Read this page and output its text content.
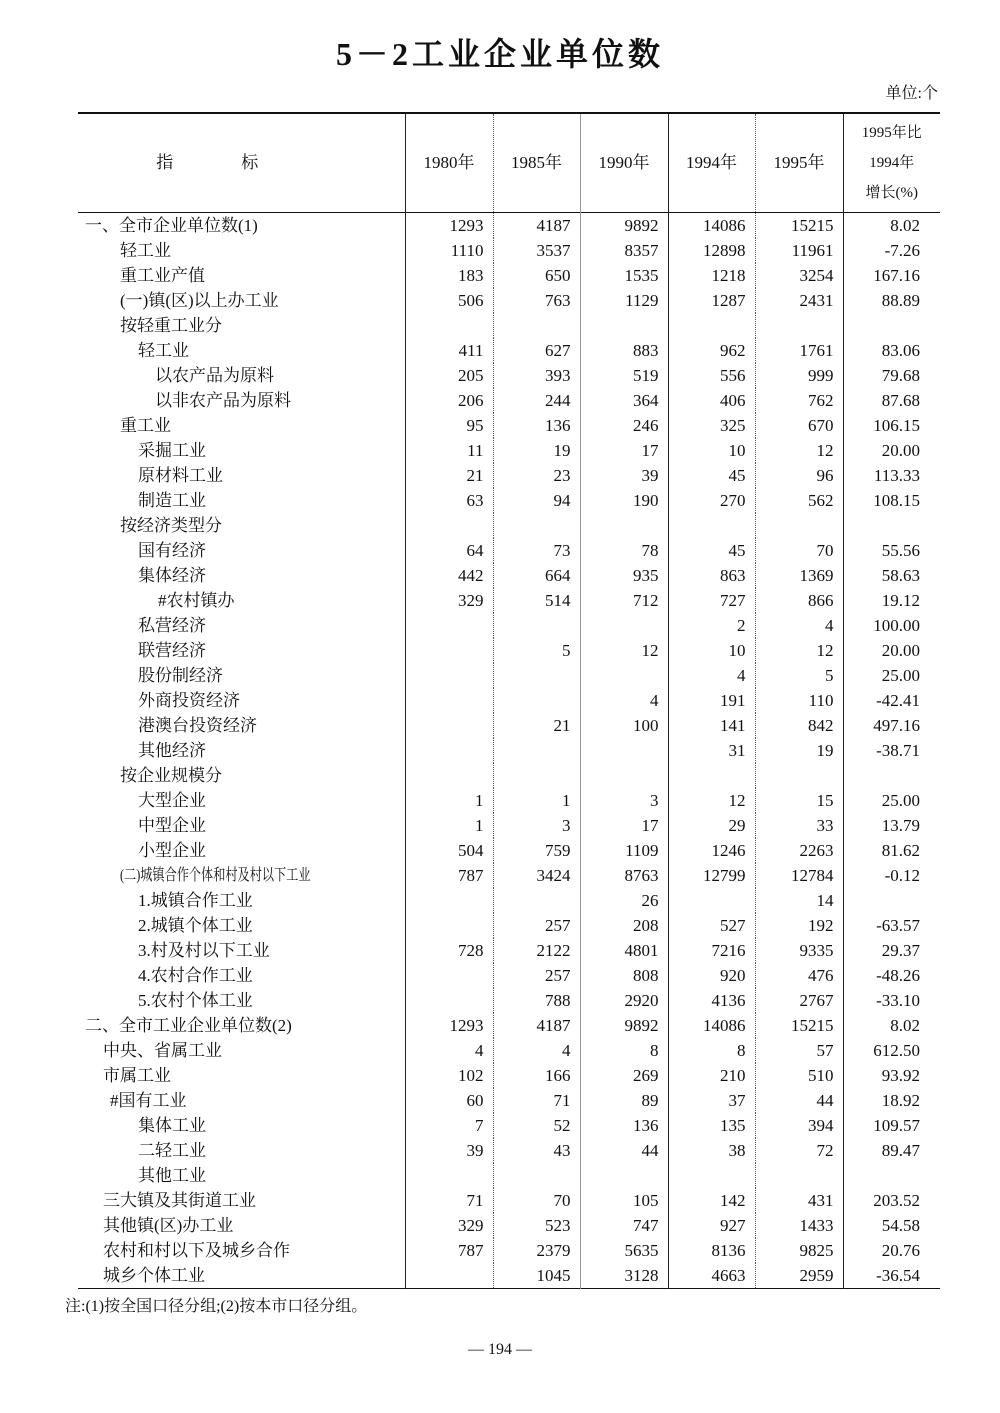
5－2工业企业单位数
单位:个
指标	1980年	1985年	1990年	1994年	1995年	1995年比
1994年
增长(%)

一、全市企业单位数(1)	1293	4187	9892	14086	15215	8.02
轻工业	1110	3537	8357	12898	11961	-7.26
重工业产值	183	650	1535	1218	3254	167.16
(一)镇(区)以上办工业	506	763	1129	1287	2431	88.89
按轻重工业分						
轻工业	411	627	883	962	1761	83.06
以农产品为原料	205	393	519	556	999	79.68
以非农产品为原料	206	244	364	406	762	87.68
重工业	95	136	246	325	670	106.15
采掘工业	11	19	17	10	12	20.00
原材料工业	21	23	39	45	96	113.33
制造工业	63	94	190	270	562	108.15
按经济类型分						
国有经济	64	73	78	45	70	55.56
集体经济	442	664	935	863	1369	58.63
#农村镇办	329	514	712	727	866	19.12
私营经济				2	4	100.00
联营经济		5	12	10	12	20.00
股份制经济				4	5	25.00
外商投资经济			4	191	110	-42.41
港澳台投资经济		21	100	141	842	497.16
其他经济				31	19	-38.71
按企业规模分						
大型企业	1	1	3	12	15	25.00
中型企业	1	3	17	29	33	13.79
小型企业	504	759	1109	1246	2263	81.62
(二)城镇合作个体和村及村以下工业	787	3424	8763	12799	12784	-0.12
1.城镇合作工业			26		14	
2.城镇个体工业		257	208	527	192	-63.57
3.村及村以下工业	728	2122	4801	7216	9335	29.37
4.农村合作工业		257	808	920	476	-48.26
5.农村个体工业		788	2920	4136	2767	-33.10
二、全市工业企业单位数(2)	1293	4187	9892	14086	15215	8.02
中央、省属工业	4	4	8	8	57	612.50
市属工业	102	166	269	210	510	93.92
#国有工业	60	71	89	37	44	18.92
集体工业	7	52	136	135	394	109.57
二轻工业	39	43	44	38	72	89.47
其他工业						
三大镇及其街道工业	71	70	105	142	431	203.52
其他镇(区)办工业	329	523	747	927	1433	54.58
农村和村以下及城乡合作	787	2379	5635	8136	9825	20.76
城乡个体工业		1045	3128	4663	2959	-36.54
注:(1)按全国口径分组;(2)按本市口径分组。
— 194 —
